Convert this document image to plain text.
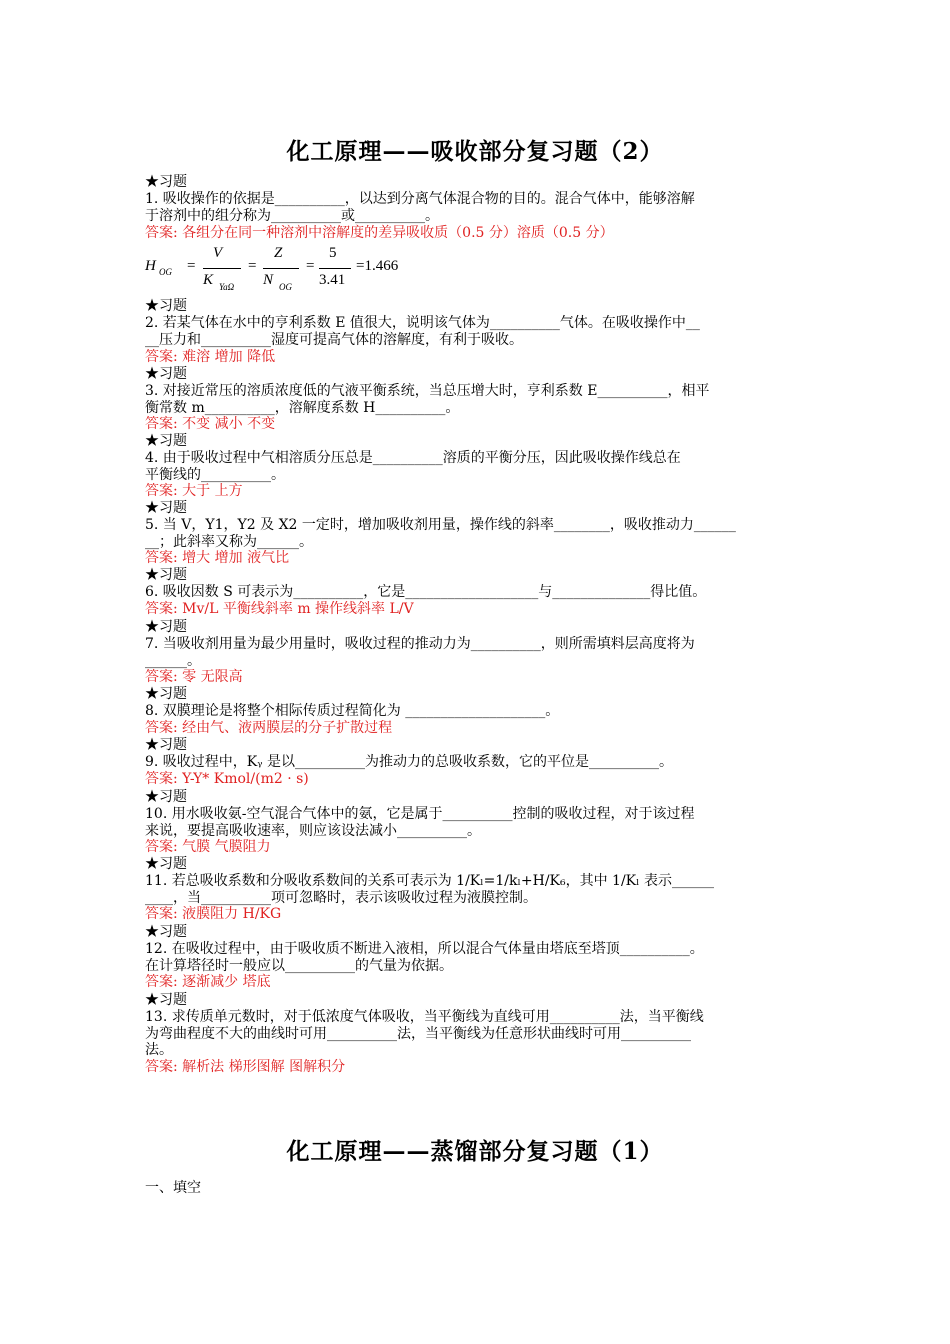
化工原理——吸收部分复习题（2）
★习题
1. 吸收操作的依据是__________，以达到分离气体混合物的目的。混合气体中，能够溶解
于溶剂中的组分称为__________或__________。
答案: 各组分在同一种溶剂中溶解度的差异吸收质（0.5 分）溶质（0.5 分）
H OG =
V
K YaΩ
=
Z
N OG
=
5
3.41
=1.466
★习题
2. 若某气体在水中的亨利系数 E 值很大，说明该气体为__________气体。在吸收操作中__
__压力和__________湿度可提高气体的溶解度，有利于吸收。
答案: 难溶 增加 降低
★习题
3. 对接近常压的溶质浓度低的气液平衡系统，当总压增大时，亨利系数 E__________，相平
衡常数 m__________，溶解度系数 H__________。
答案: 不变 减小 不变
★习题
4. 由于吸收过程中气相溶质分压总是__________溶质的平衡分压，因此吸收操作线总在
平衡线的__________。
答案: 大于 上方
★习题
5. 当 V，Y1，Y2 及 X2 一定时，增加吸收剂用量，操作线的斜率________，吸收推动力______
__；此斜率又称为______。
答案: 增大 增加 液气比
★习题
6. 吸收因数 S 可表示为__________，它是___________________与______________得比值。
答案: Mv/L 平衡线斜率 m 操作线斜率 L/V
★习题
7. 当吸收剂用量为最少用量时，吸收过程的推动力为__________，则所需填料层高度将为
______。
答案: 零 无限高
★习题
8. 双膜理论是将整个相际传质过程简化为 ____________________。
答案: 经由气、液两膜层的分子扩散过程
★习题
9. 吸收过程中，Kᵧ 是以__________为推动力的总吸收系数，它的平位是__________。
答案: Y-Y* Kmol/(m2 · s)
★习题
10. 用水吸收氨-空气混合气体中的氨，它是属于__________控制的吸收过程，对于该过程
来说，要提高吸收速率，则应该设法减小__________。
答案: 气膜 气膜阻力
★习题
11. 若总吸收系数和分吸收系数间的关系可表示为 1/Kₗ=1/kₗ+H/K₆，其中 1/Kₗ 表示______
____，当__________项可忽略时，表示该吸收过程为液膜控制。
答案: 液膜阻力 H/KG
★习题
12. 在吸收过程中，由于吸收质不断进入液相，所以混合气体量由塔底至塔顶__________。
在计算塔径时一般应以__________的气量为依据。
答案: 逐渐减少 塔底
★习题
13. 求传质单元数时，对于低浓度气体吸收，当平衡线为直线可用__________法，当平衡线
为弯曲程度不大的曲线时可用__________法，当平衡线为任意形状曲线时可用__________
法。
答案: 解析法 梯形图解 图解积分
化工原理——蒸馏部分复习题（1）
一、填空
